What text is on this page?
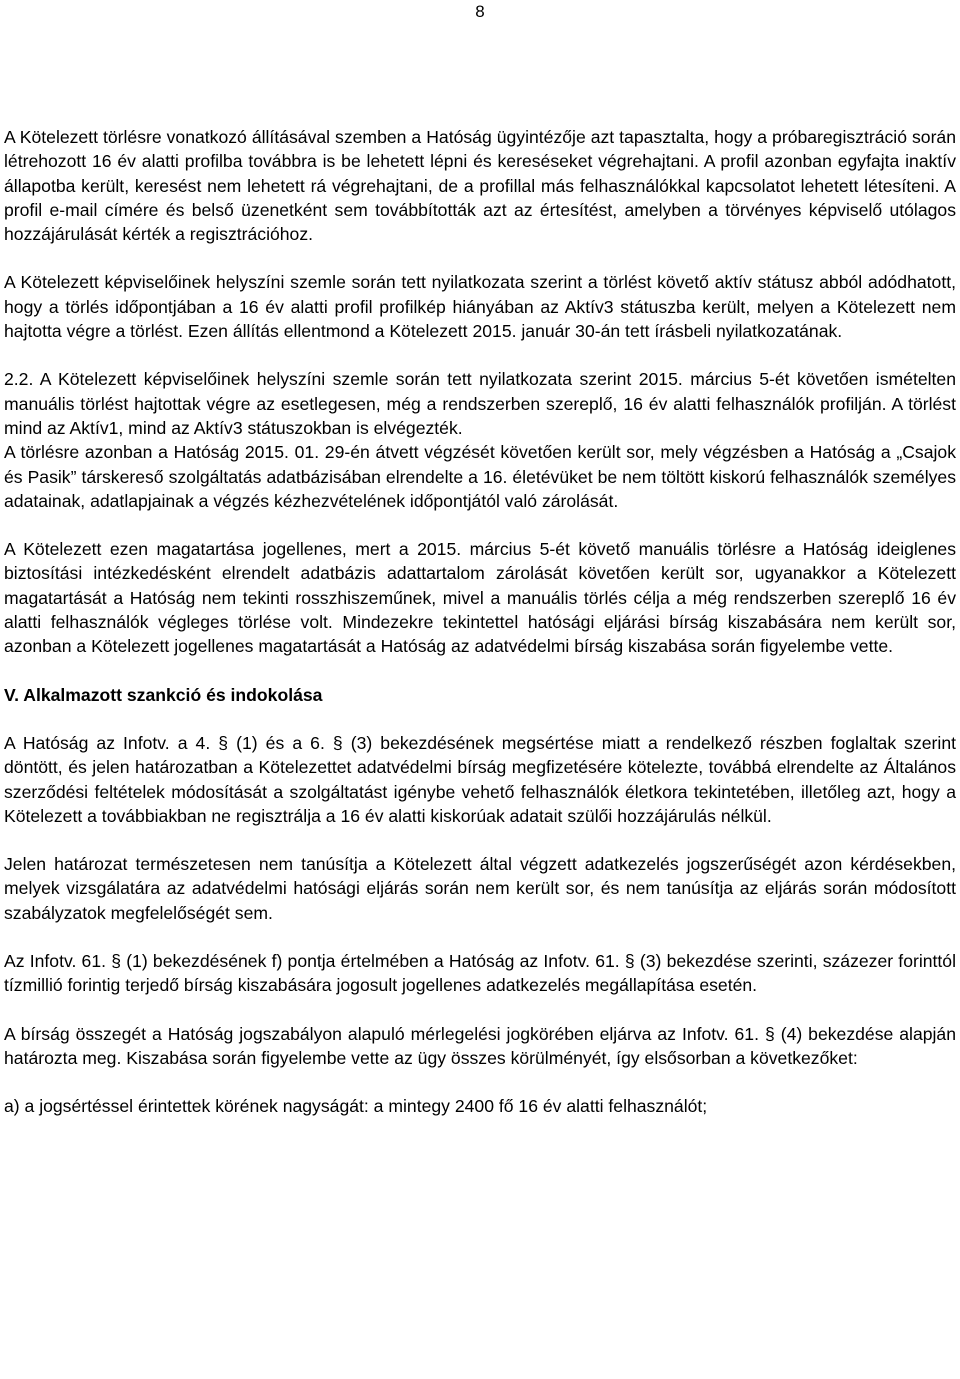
8

A Kötelezett törlésre vonatkozó állításával szemben a Hatóság ügyintézője azt tapasztalta, hogy a próbaregisztráció során létrehozott 16 év alatti profilba továbbra is be lehetett lépni és kereséseket végrehajtani. A profil azonban egyfajta inaktív állapotba került, keresést nem lehetett rá végrehajtani, de a profillal más felhasználókkal kapcsolatot lehetett létesíteni. A profil e-mail címére és belső üzenetként sem továbbították azt az értesítést, amelyben a törvényes képviselő utólagos hozzájárulását kérték a regisztrációhoz.

A Kötelezett képviselőinek helyszíni szemle során tett nyilatkozata szerint a törlést követő aktív státusz abból adódhatott, hogy a törlés időpontjában a 16 év alatti profil profilkép hiányában az Aktív3 státuszba került, melyen a Kötelezett nem hajtotta végre a törlést. Ezen állítás ellentmond a Kötelezett 2015. január 30-án tett írásbeli nyilatkozatának.

2.2. A Kötelezett képviselőinek helyszíni szemle során tett nyilatkozata szerint 2015. március 5-ét követően ismételten manuális törlést hajtottak végre az esetlegesen, még a rendszerben szereplő, 16 év alatti felhasználók profilján. A törlést mind az Aktív1, mind az Aktív3 státuszokban is elvégezték.

A törlésre azonban a Hatóság 2015. 01. 29-én átvett végzését követően került sor, mely végzésben a Hatóság a „Csajok és Pasik” társkereső szolgáltatás adatbázisában elrendelte a 16. életévüket be nem töltött kiskorú felhasználók személyes adatainak, adatlapjainak a végzés kézhezvételének időpontjától való zárolását.

A Kötelezett ezen magatartása jogellenes, mert a 2015. március 5-ét követő manuális törlésre a Hatóság ideiglenes biztosítási intézkedésként elrendelt adatbázis adattartalom zárolását követően került sor, ugyanakkor a Kötelezett magatartását a Hatóság nem tekinti rosszhiszeműnek, mivel a manuális törlés célja a még rendszerben szereplő 16 év alatti felhasználók végleges törlése volt. Mindezekre tekintettel hatósági eljárási bírság kiszabására nem került sor, azonban a Kötelezett jogellenes magatartását a Hatóság az adatvédelmi bírság kiszabása során figyelembe vette.

V. Alkalmazott szankció és indokolása

A Hatóság az Infotv. a 4. § (1) és a 6. § (3) bekezdésének megsértése miatt a rendelkező részben foglaltak szerint döntött, és jelen határozatban a Kötelezettet adatvédelmi bírság megfizetésére kötelezte, továbbá elrendelte az Általános szerződési feltételek módosítását a szolgáltatást igénybe vehető felhasználók életkora tekintetében, illetőleg azt, hogy a Kötelezett a továbbiakban ne regisztrálja a 16 év alatti kiskorúak adatait szülői hozzájárulás nélkül.

Jelen határozat természetesen nem tanúsítja a Kötelezett által végzett adatkezelés jogszerűségét azon kérdésekben, melyek vizsgálatára az adatvédelmi hatósági eljárás során nem került sor, és nem tanúsítja az eljárás során módosított szabályzatok megfelelőségét sem.

Az Infotv. 61. § (1) bekezdésének f) pontja értelmében a Hatóság az Infotv. 61. § (3) bekezdése szerinti, százezer forinttól tízmillió forintig terjedő bírság kiszabására jogosult jogellenes adatkezelés megállapítása esetén.

A bírság összegét a Hatóság jogszabályon alapuló mérlegelési jogkörében eljárva az Infotv. 61. § (4) bekezdése alapján határozta meg. Kiszabása során figyelembe vette az ügy összes körülményét, így elsősorban a következőket:

a) a jogsértéssel érintettek körének nagyságát: a mintegy 2400 fő 16 év alatti felhasználót;
